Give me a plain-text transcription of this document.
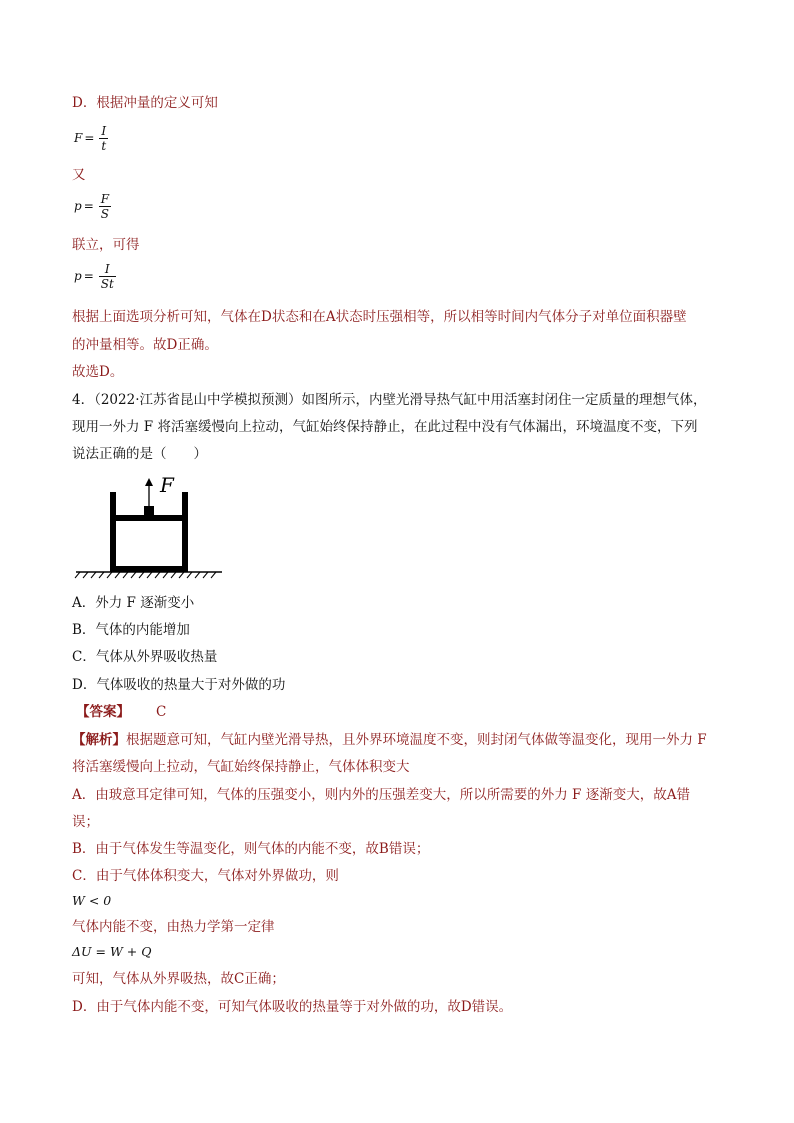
D．根据冲量的定义可知
$F = \frac{I}{t}$
又
$p = \frac{F}{S}$
联立，可得
$p = \frac{I}{St}$
根据上面选项分析可知，气体在D状态和在A状态时压强相等，所以相等时间内气体分子对单位面积器壁
的冲量相等。故D正确。
故选D。
4．（2022·江苏省昆山中学模拟预测）如图所示，内壁光滑导热气缸中用活塞封闭住一定质量的理想气体，
现用一外力 F 将活塞缓慢向上拉动，气缸始终保持静止，在此过程中没有气体漏出，环境温度不变，下列
说法正确的是（　　）
F
A．外力 F 逐渐变小
B．气体的内能增加
C．气体从外界吸收热量
D．气体吸收的热量大于对外做的功
【答案】 C
【解析】根据题意可知，气缸内壁光滑导热，且外界环境温度不变，则封闭气体做等温变化，现用一外力 F
将活塞缓慢向上拉动，气缸始终保持静止，气体体积变大
A．由玻意耳定律可知，气体的压强变小，则内外的压强差变大，所以所需要的外力 F 逐渐变大，故A错
误；
B．由于气体发生等温变化，则气体的内能不变，故B错误；
C．由于气体体积变大，气体对外界做功，则
W < 0
气体内能不变，由热力学第一定律
ΔU = W + Q
可知，气体从外界吸热，故C正确；
D．由于气体内能不变，可知气体吸收的热量等于对外做的功，故D错误。
